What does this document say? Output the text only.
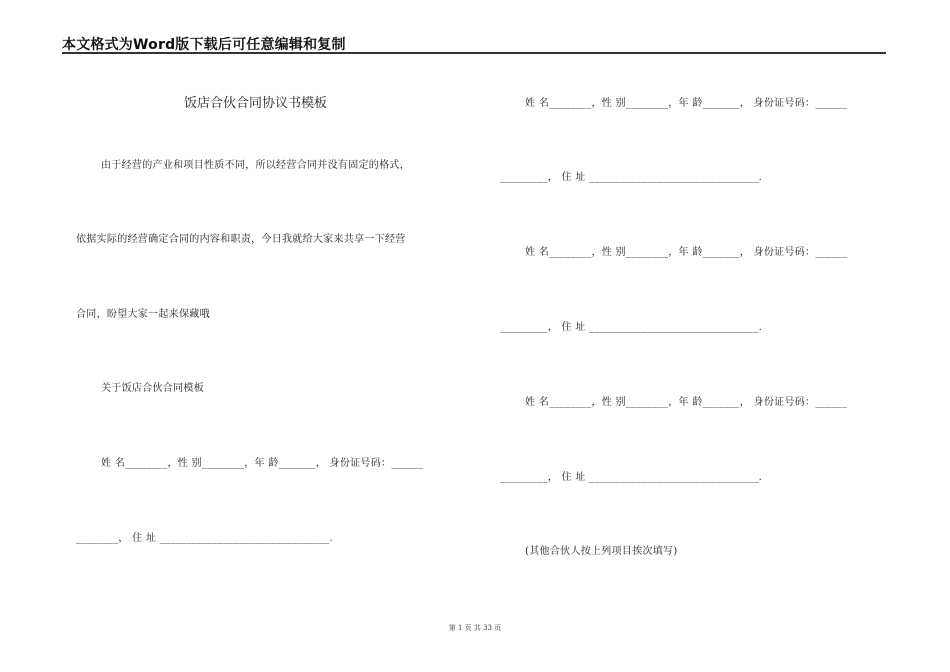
本文格式为Word版下载后可任意编辑和复制
饭店合伙合同协议书模板
由于经营的产业和项目性质不同，所以经营合同并没有固定的格式，
依据实际的经营确定合同的内容和职责，今日我就给大家来共享一下经营
合同，盼望大家一起来保藏哦
关于饭店合伙合同模板
姓 名________，性 别________，年 龄_______， 身份证号码：______
________， 住 址 ________________________________.
姓 名________，性 别________，年 龄_______， 身份证号码：______
_________， 住 址 ________________________________.
姓 名________，性 别________，年 龄_______， 身份证号码：______
_________， 住 址 ________________________________.
姓 名________，性 别________，年 龄_______， 身份证号码：______
_________， 住 址 ________________________________.
(其他合伙人按上列项目挨次填写)
第 1 页 共 33 页
